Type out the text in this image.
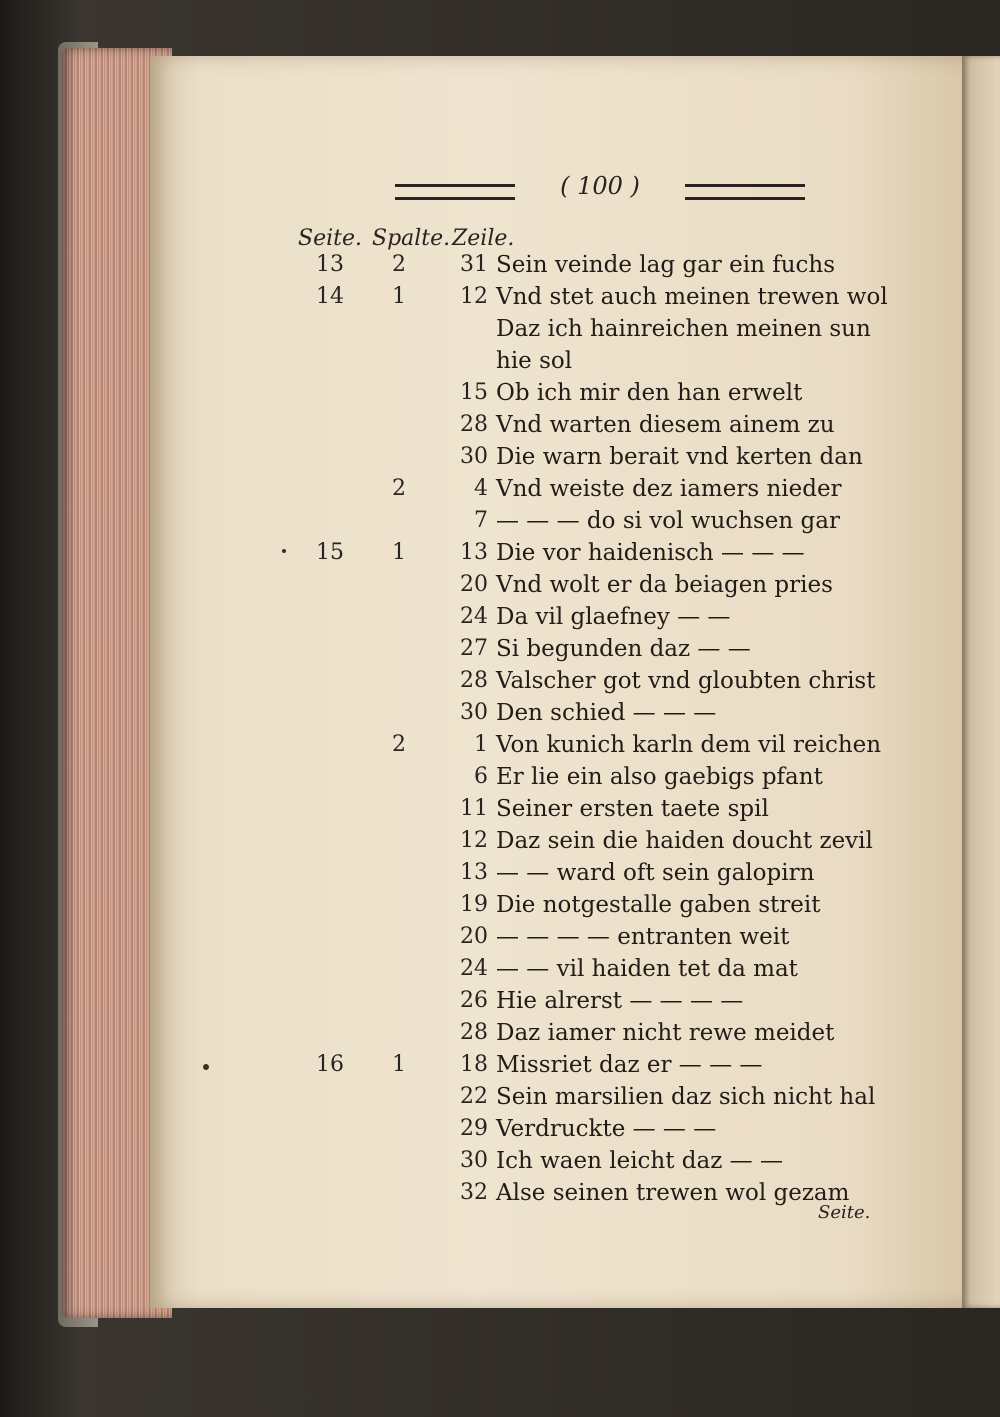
( 100 )
Seite. Spalte. Zeile.
13	2	31 Sein veinde lag gar ein fuchs
14	1	12 Vnd stet auch meinen trewen wol
Daz ich hainreichen meinen sun
hie sol
15 Ob ich mir den han erwelt
28 Vnd warten diesem ainem zu
30 Die warn berait vnd kerten dan
2	4 Vnd weiste dez iamers nieder
7 — — — do si vol wuchsen gar
15	1	13 Die vor haidenisch — — —
20 Vnd wolt er da beiagen pries
24 Da vil glaefney — —
27 Si begunden daz — —
28 Valscher got vnd gloubten christ
30 Den schied — — —
2	1 Von kunich karln dem vil reichen
6 Er lie ein also gaebigs pfant
11 Seiner ersten taete spil
12 Daz sein die haiden doucht zevil
13 — — ward oft sein galopirn
19 Die notgestalle gaben streit
20 — — — — entranten weit
24 — — vil haiden tet da mat
26 Hie alrerst — — — —
28 Daz iamer nicht rewe meidet
16	1	18 Missriet daz er — — —
22 Sein marsilien daz sich nicht hal
29 Verdruckte — — —
30 Ich waen leicht daz — —
32 Alse seinen trewen wol gezam
Seite.
